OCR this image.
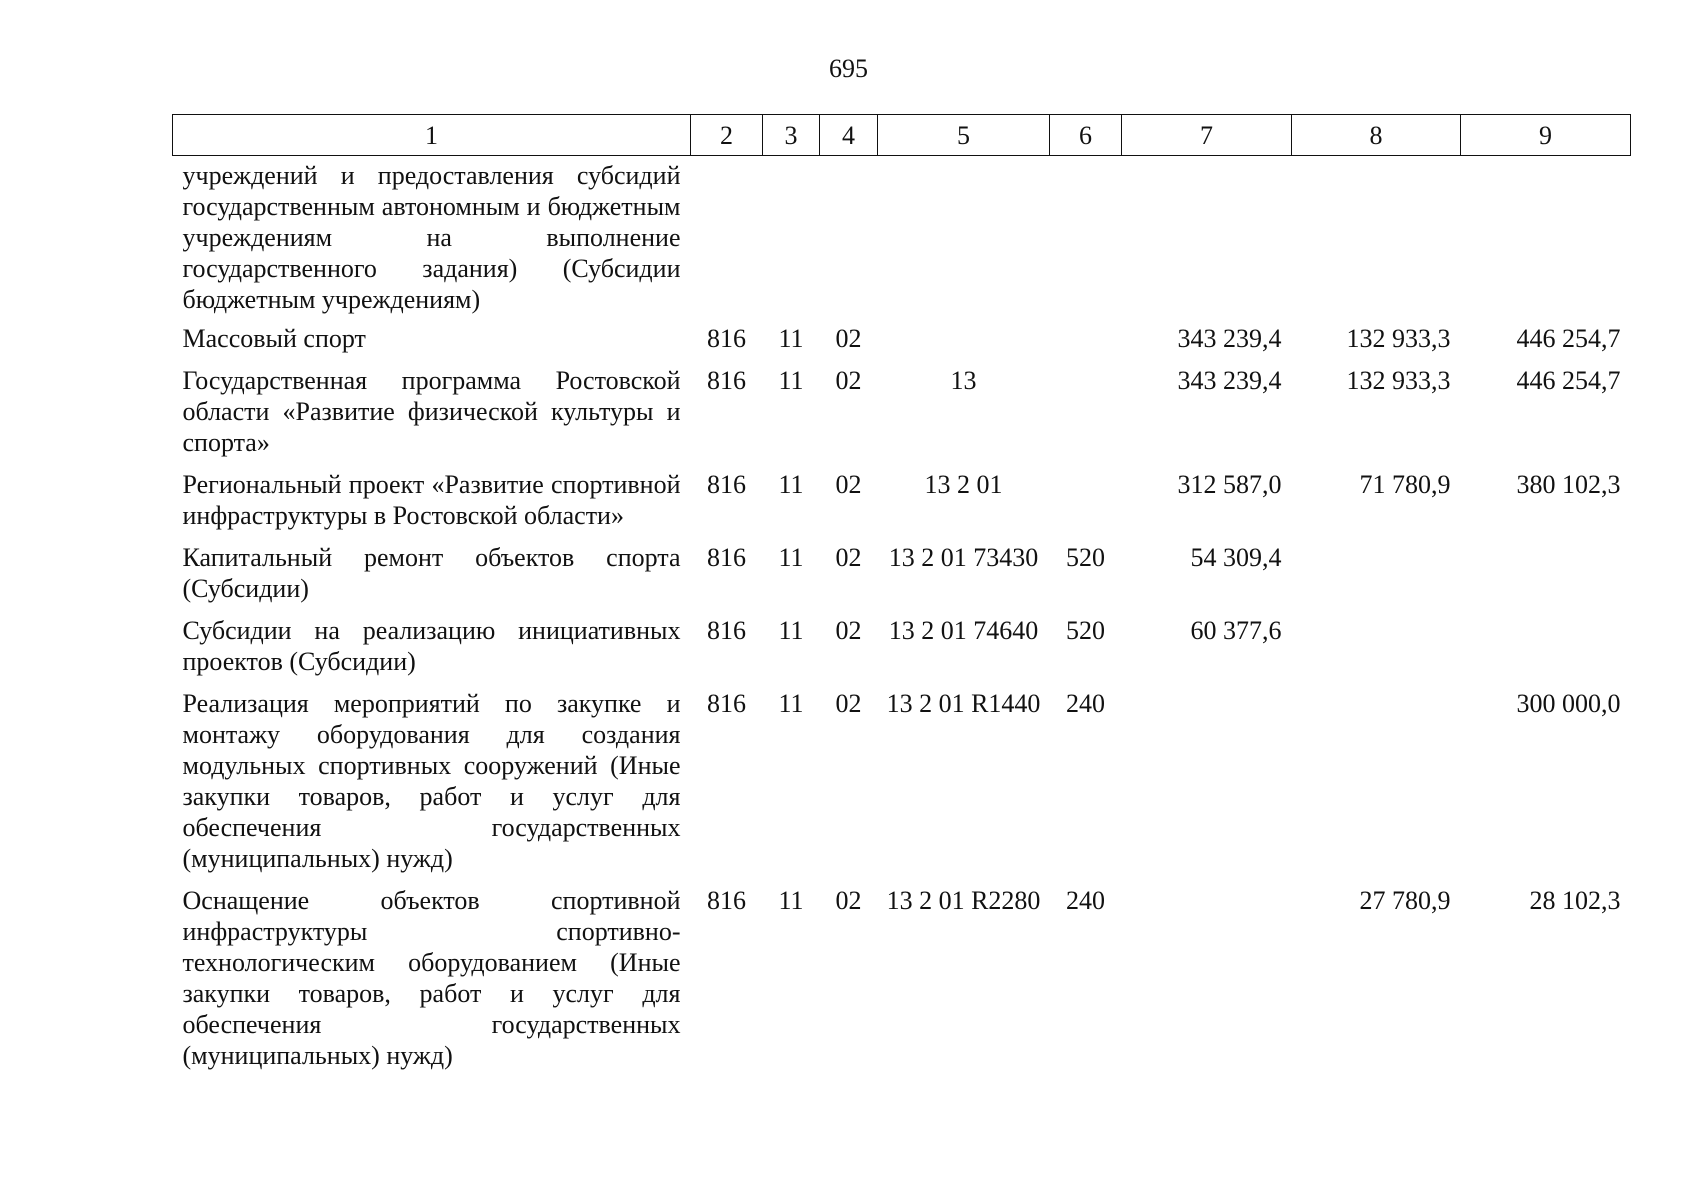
695
1	2	3	4	5	6	7	8	9
учреждений и предоставления субсидий государственным автономным и бюджетным учреждениям на выполнение государственного задания) (Субсидии бюджетным учреждениям)								
Массовый спорт	816	11	02			343 239,4	132 933,3	446 254,7
Государственная программа Ростовской области «Развитие физической культуры и спорта»	816	11	02	13		343 239,4	132 933,3	446 254,7
Региональный проект «Развитие спортивной инфраструктуры в Ростовской области»	816	11	02	13 2 01		312 587,0	71 780,9	380 102,3
Капитальный ремонт объектов спорта (Субсидии)	816	11	02	13 2 01 73430	520	54 309,4		
Субсидии на реализацию инициативных проектов (Субсидии)	816	11	02	13 2 01 74640	520	60 377,6		
Реализация мероприятий по закупке и монтажу оборудования для создания модульных спортивных сооружений (Иные закупки товаров, работ и услуг для обеспечения государственных (муниципальных) нужд)	816	11	02	13 2 01 R1440	240			300 000,0
Оснащение объектов спортивной инфраструктуры спортивно-технологическим оборудованием (Иные закупки товаров, работ и услуг для обеспечения государственных (муниципальных) нужд)	816	11	02	13 2 01 R2280	240		27 780,9	28 102,3
